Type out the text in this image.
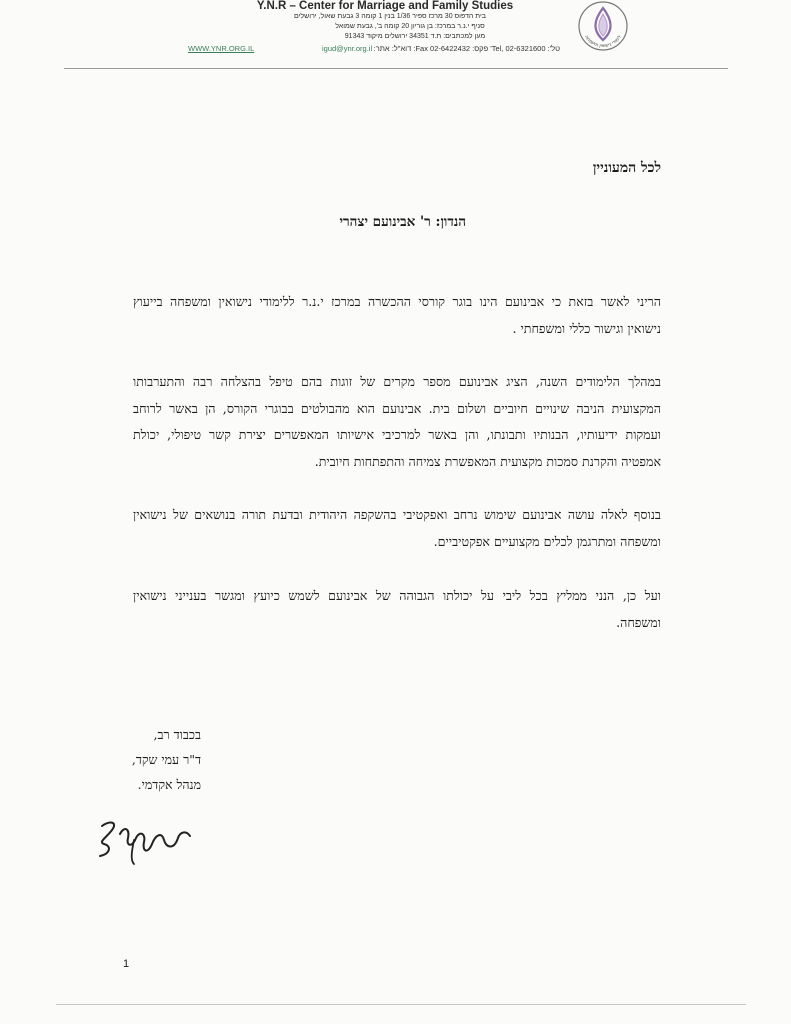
Y.N.R – Center for Marriage and Family Studies
בית הדפוס 30 מרכז ספיר 1/36 בנין 1 קומה 3 גבעת שאול, ירושלים
סניף י.נ.ר במרכז: בן גוריון 20 קומה ב', גבעת שמואל
מען למכתבים: ת.ד 34351 ירושלים מיקוד 91343
WWW.YNR.ORG.IL	igud@ynr.org.il טל': 02-6321600 ,Tel' פקס: 02-6422432 Fax: דוא"ל: אתר:
לימודי נישואין ומשפחה
לכל המעוניין
הנדון: ר' אבינועם יצהרי
הריני לאשר בזאת כי אבינועם הינו בוגר קורסי ההכשרה במרכז י.נ.ר ללימודי נישואין ומשפחה בייעוץ
נישואין וגישור כללי ומשפחתי .
במהלך הלימודים השנה, הציג אבינועם מספר מקרים של זוגות בהם טיפל בהצלחה רבה והתערבותו
המקצועית הניבה שינויים חיוביים ושלום בית. אבינועם הוא מהבולטים בבוגרי הקורס, הן באשר לרוחב
ועמקות ידיעותיו, הבנותיו ותבונתו, והן באשר למרכיבי אישיותו המאפשרים יצירת קשר טיפולי, יכולת
אמפטיה והקרנת סמכות מקצועית המאפשרת צמיחה והתפתחות חיובית.
בנוסף לאלה עושה אבינועם שימוש נרחב ואפקטיבי בהשקפה היהודית ובדעת תורה בנושאים של נישואין
ומשפחה ומתרגמן לכלים מקצועיים אפקטיביים.
ועל כן, הנני ממליץ בכל ליבי על יכולתו הגבוהה של אבינועם לשמש כיועץ ומגשר בענייני נישואין
ומשפחה.
בכבוד רב,
ד"ר עמי שקד,
מנהל אקדמי.
1
